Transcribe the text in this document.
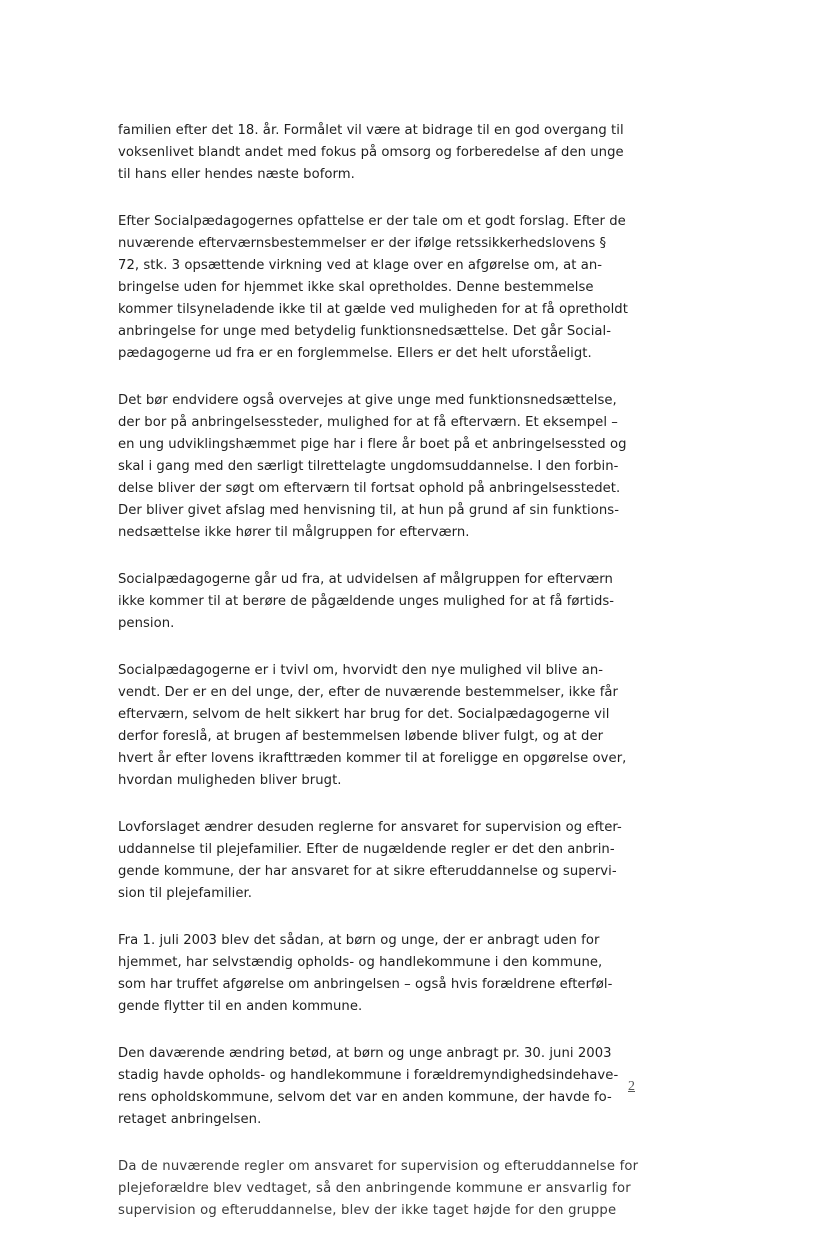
familien efter det 18. år. Formålet vil være at bidrage til en god overgang til
voksenlivet blandt andet med fokus på omsorg og forberedelse af den unge
til hans eller hendes næste boform.

Efter Socialpædagogernes opfattelse er der tale om et godt forslag. Efter de
nuværende efterværnsbestemmelser er der ifølge retssikkerhedslovens §
72, stk. 3 opsættende virkning ved at klage over en afgørelse om, at an-
bringelse uden for hjemmet ikke skal opretholdes. Denne bestemmelse
kommer tilsyneladende ikke til at gælde ved muligheden for at få opretholdt
anbringelse for unge med betydelig funktionsnedsættelse. Det går Social-
pædagogerne ud fra er en forglemmelse. Ellers er det helt uforståeligt.

Det bør endvidere også overvejes at give unge med funktionsnedsættelse,
der bor på anbringelsessteder, mulighed for at få efterværn. Et eksempel –
en ung udviklingshæmmet pige har i flere år boet på et anbringelsessted og
skal i gang med den særligt tilrettelagte ungdomsuddannelse. I den forbin-
delse bliver der søgt om efterværn til fortsat ophold på anbringelsesstedet.
Der bliver givet afslag med henvisning til, at hun på grund af sin funktions-
nedsættelse ikke hører til målgruppen for efterværn.

Socialpædagogerne går ud fra, at udvidelsen af målgruppen for efterværn
ikke kommer til at berøre de pågældende unges mulighed for at få førtids-
pension.

Socialpædagogerne er i tvivl om, hvorvidt den nye mulighed vil blive an-
vendt. Der er en del unge, der, efter de nuværende bestemmelser, ikke får
efterværn, selvom de helt sikkert har brug for det. Socialpædagogerne vil
derfor foreslå, at brugen af bestemmelsen løbende bliver fulgt, og at der
hvert år efter lovens ikrafttræden kommer til at foreligge en opgørelse over,
hvordan muligheden bliver brugt.

Lovforslaget ændrer desuden reglerne for ansvaret for supervision og efter-
uddannelse til plejefamilier. Efter de nugældende regler er det den anbrin-
gende kommune, der har ansvaret for at sikre efteruddannelse og supervi-
sion til plejefamilier.

Fra 1. juli 2003 blev det sådan, at børn og unge, der er anbragt uden for
hjemmet, har selvstændig opholds- og handlekommune i den kommune,
som har truffet afgørelse om anbringelsen – også hvis forældrene efterføl-
gende flytter til en anden kommune.

Den daværende ændring betød, at børn og unge anbragt pr. 30. juni 2003
stadig havde opholds- og handlekommune i forældremyndighedsindehave-
rens opholdskommune, selvom det var en anden kommune, der havde fo-
retaget anbringelsen.

Da de nuværende regler om ansvaret for supervision og efteruddannelse for
plejeforældre blev vedtaget, så den anbringende kommune er ansvarlig for
supervision og efteruddannelse, blev der ikke taget højde for den gruppe

2
